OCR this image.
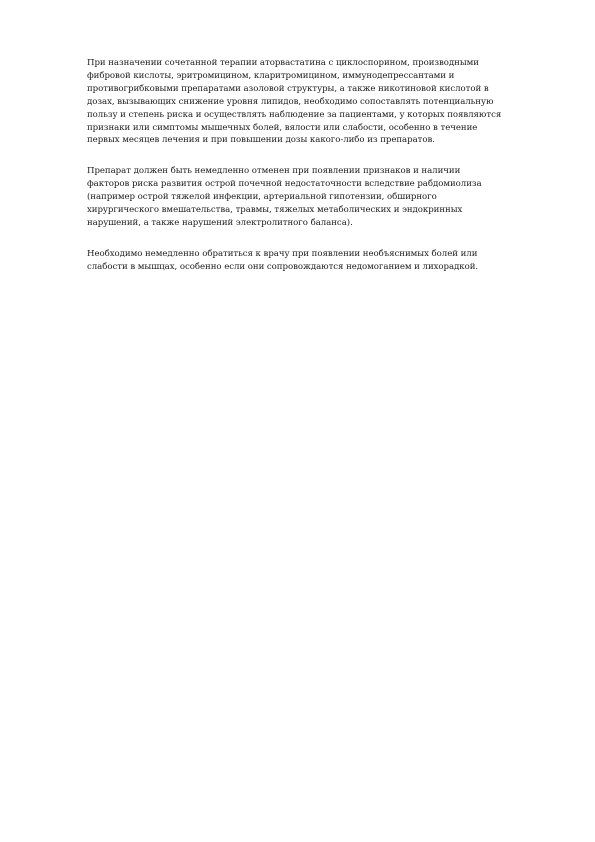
При назначении сочетанной терапии аторвастатина с циклоспорином, производными
фибровой кислоты, эритромицином, кларитромицином, иммунодепрессантами и
противогрибковыми препаратами азоловой структуры, а также никотиновой кислотой в
дозах, вызывающих снижение уровня липидов, необходимо сопоставлять потенциальную
пользу и степень риска и осуществлять наблюдение за пациентами, у которых появляются
признаки или симптомы мышечных болей, вялости или слабости, особенно в течение
первых месяцев лечения и при повышении дозы какого-либо из препаратов.

Препарат должен быть немедленно отменен при появлении признаков и наличии
факторов риска развития острой почечной недостаточности вследствие рабдомиолиза
(например острой тяжелой инфекции, артериальной гипотензии, обширного
хирургического вмешательства, травмы, тяжелых метаболических и эндокринных
нарушений, а также нарушений электролитного баланса).

Необходимо немедленно обратиться к врачу при появлении необъяснимых болей или
слабости в мышцах, особенно если они сопровождаются недомоганием и лихорадкой.
